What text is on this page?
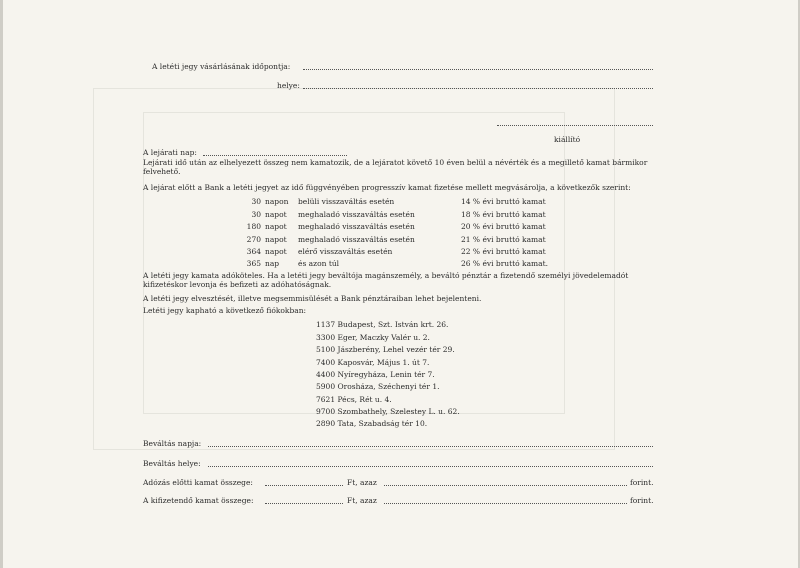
A letéti jegy vásárlásának időpontja:
helye:
kiállító
A lejárati nap:
Lejárati idő után az elhelyezett összeg nem kamatozik, de a lejáratot követő 10 éven belül a névérték és a megillető kamat bármikor felvehető.
A lejárat előtt a Bank a letéti jegyet az idő függvényében progresszív kamat fizetése mellett megvásárolja, a következők szerint:
30 napon belüli visszaváltás esetén	14 % évi bruttó kamat
30 napot meghaladó visszaváltás esetén	18 % évi bruttó kamat
180 napot meghaladó visszaváltás esetén	20 % évi bruttó kamat
270 napot meghaladó visszaváltás esetén	21 % évi bruttó kamat
364 napot elérő visszaváltás esetén	22 % évi bruttó kamat
365 nap	és azon túl	26 % évi bruttó kamat.
A letéti jegy kamata adóköteles. Ha a letéti jegy beváltója magánszemély, a beváltó pénztár a fizetendő személyi jövedelemadót kifizetéskor levonja és befizeti az adóhatóságnak.
A letéti jegy elvesztését, illetve megsemmisülését a Bank pénztáraiban lehet bejelenteni.
Letéti jegy kapható a következő fiókokban:
1137 Budapest, Szt. István krt. 26.
3300 Eger, Maczky Valér u. 2.
5100 Jászberény, Lehel vezér tér 29.
7400 Kaposvár, Május 1. út 7.
4400 Nyíregyháza, Lenin tér 7.
5900 Orosháza, Széchenyi tér 1.
7621 Pécs, Rét u. 4.
9700 Szombathely, Szelestey L. u. 62.
2890 Tata, Szabadság tér 10.
Beváltás napja:
Beváltás helye:
Adózás előtti kamat összege:	Ft, azaz	forint.
A kifizetendő kamat összege:	Ft, azaz	forint.
